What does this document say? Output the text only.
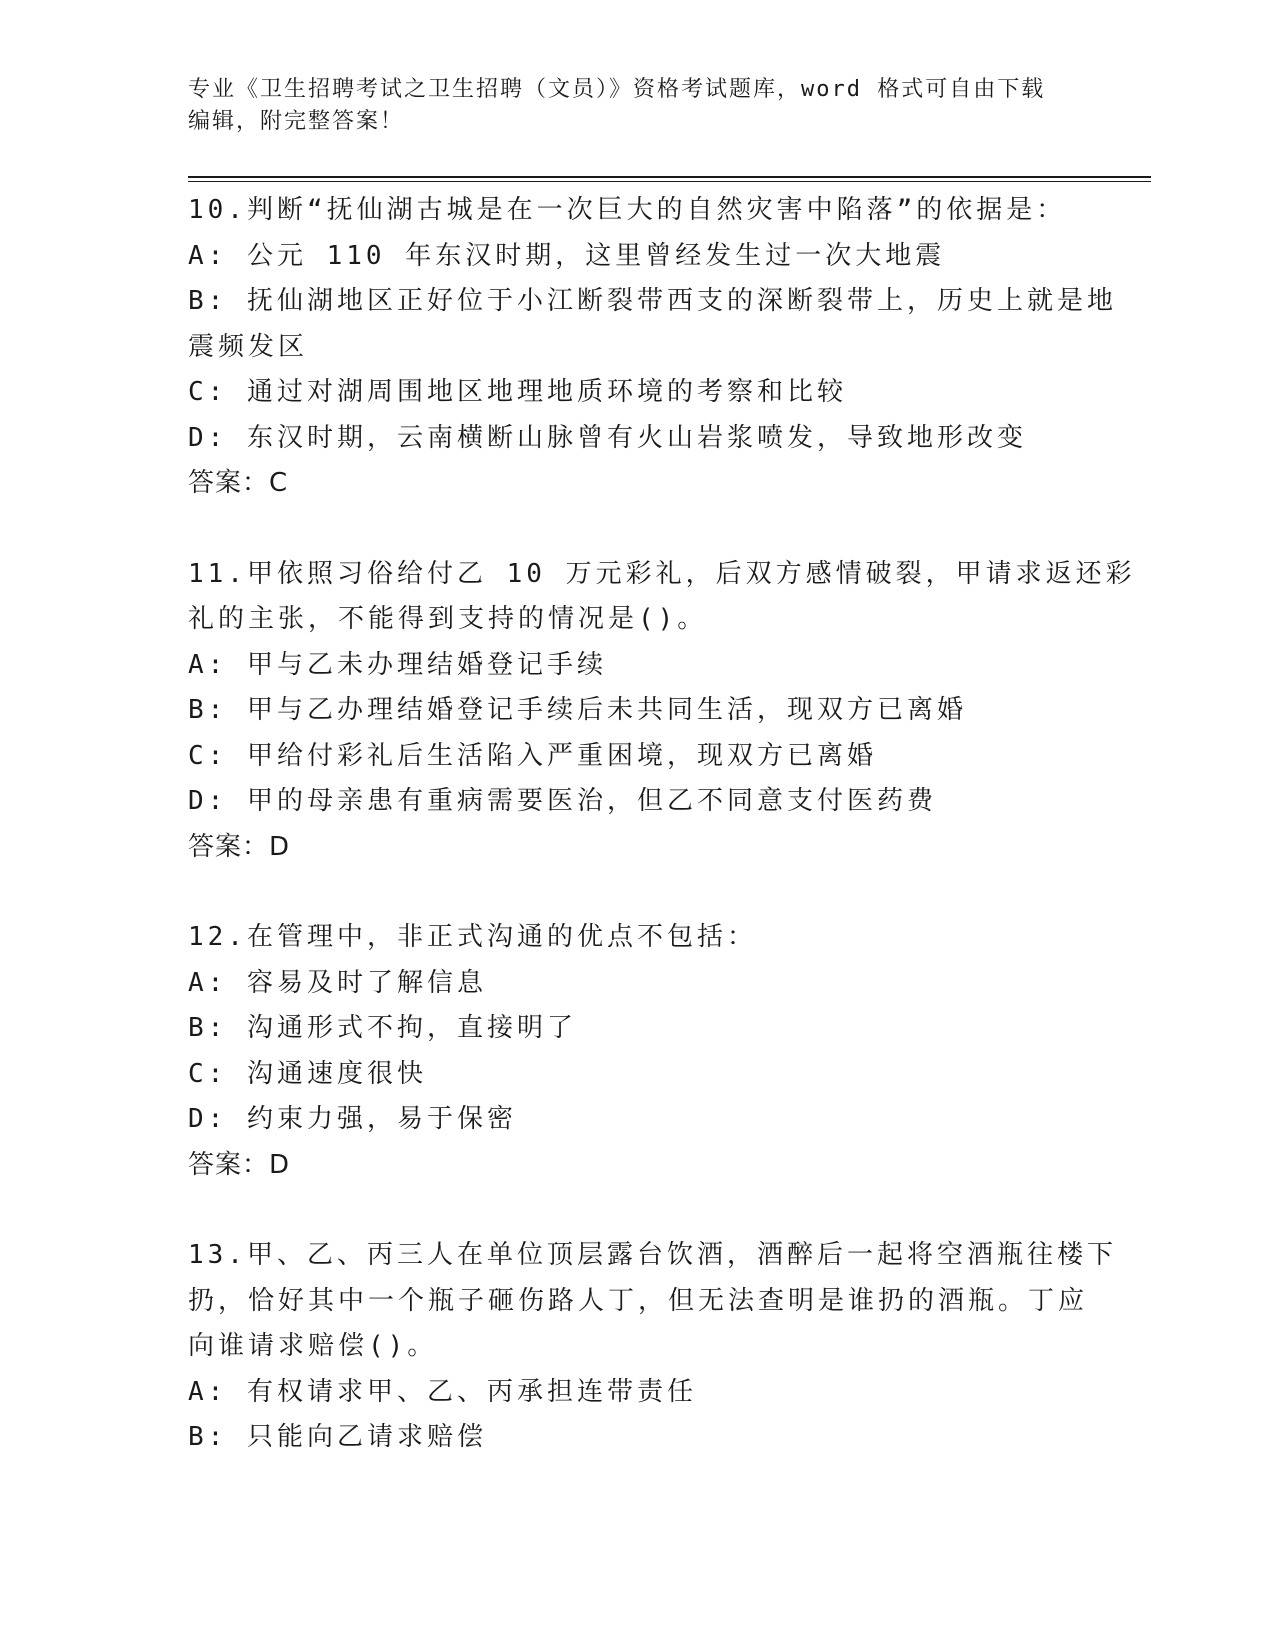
专业《卫生招聘考试之卫生招聘（文员）》资格考试题库，word 格式可自由下载
编辑，附完整答案！
10.判断“抚仙湖古城是在一次巨大的自然灾害中陷落”的依据是：
A: 公元 110 年东汉时期，这里曾经发生过一次大地震
B: 抚仙湖地区正好位于小江断裂带西支的深断裂带上，历史上就是地
震频发区
C: 通过对湖周围地区地理地质环境的考察和比较
D: 东汉时期，云南横断山脉曾有火山岩浆喷发，导致地形改变
答案：C
11.甲依照习俗给付乙 10 万元彩礼，后双方感情破裂，甲请求返还彩
礼的主张，不能得到支持的情况是()。
A: 甲与乙未办理结婚登记手续
B: 甲与乙办理结婚登记手续后未共同生活，现双方已离婚
C: 甲给付彩礼后生活陷入严重困境，现双方已离婚
D: 甲的母亲患有重病需要医治，但乙不同意支付医药费
答案：D
12.在管理中，非正式沟通的优点不包括：
A: 容易及时了解信息
B: 沟通形式不拘，直接明了
C: 沟通速度很快
D: 约束力强，易于保密
答案：D
13.甲、乙、丙三人在单位顶层露台饮酒，酒醉后一起将空酒瓶往楼下
扔，恰好其中一个瓶子砸伤路人丁，但无法查明是谁扔的酒瓶。丁应
向谁请求赔偿()。
A: 有权请求甲、乙、丙承担连带责任
B: 只能向乙请求赔偿
